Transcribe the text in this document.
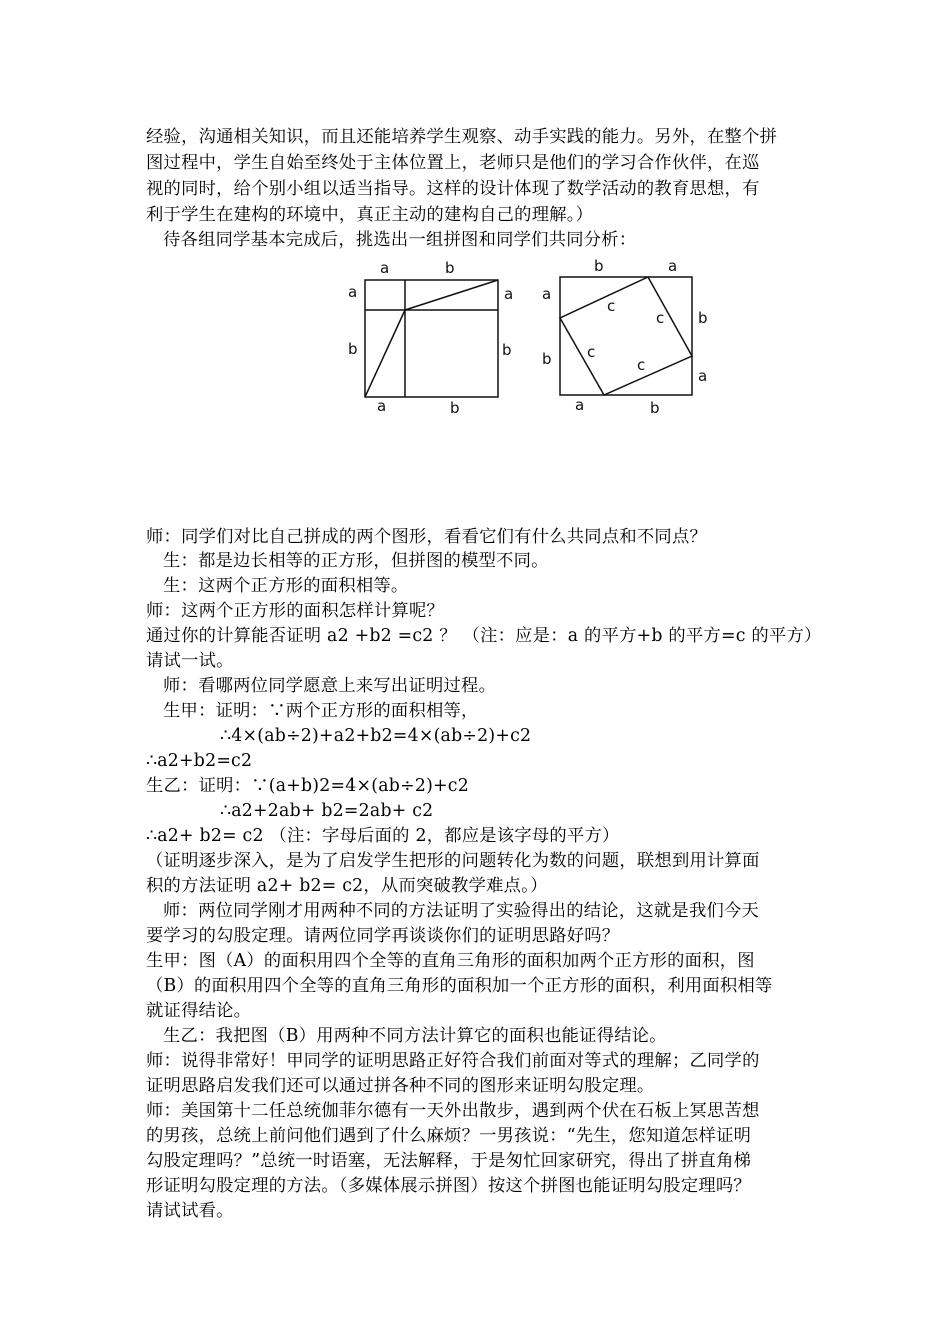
经验，沟通相关知识，而且还能培养学生观察、动手实践的能力。另外，在整个拼
图过程中，学生自始至终处于主体位置上，老师只是他们的学习合作伙伴，在巡
视的同时，给个别小组以适当指导。这样的设计体现了数学活动的教育思想，有
利于学生在建构的环境中，真正主动的建构自己的理解。）
待各组同学基本完成后，挑选出一组拼图和同学们共同分析：
a	b
a
b
a
b
a	b
b	a
a
b
b
a
a	b
c
c
c
c
师：同学们对比自己拼成的两个图形，看看它们有什么共同点和不同点？
生：都是边长相等的正方形，但拼图的模型不同。
生：这两个正方形的面积相等。
师：这两个正方形的面积怎样计算呢？
通过你的计算能否证明 a2 +b2 =c2 ？ （注：应是：a 的平方+b 的平方=c 的平方）
请试一试。
师：看哪两位同学愿意上来写出证明过程。
生甲：证明：∵两个正方形的面积相等，
∴4×(ab÷2)+a2+b2=4×(ab÷2)+c2
∴a2+b2=c2
生乙：证明：∵(a+b)2=4×(ab÷2)+c2
∴a2+2ab+ b2=2ab+ c2
∴a2+ b2= c2 （注：字母后面的 2，都应是该字母的平方）
（证明逐步深入，是为了启发学生把形的问题转化为数的问题，联想到用计算面
积的方法证明 a2+ b2= c2，从而突破教学难点。）
师：两位同学刚才用两种不同的方法证明了实验得出的结论，这就是我们今天
要学习的勾股定理。请两位同学再谈谈你们的证明思路好吗？
生甲：图（A）的面积用四个全等的直角三角形的面积加两个正方形的面积，图
（B）的面积用四个全等的直角三角形的面积加一个正方形的面积，利用面积相等
就证得结论。
生乙：我把图（B）用两种不同方法计算它的面积也能证得结论。
师：说得非常好！甲同学的证明思路正好符合我们前面对等式的理解；乙同学的
证明思路启发我们还可以通过拼各种不同的图形来证明勾股定理。
师：美国第十二任总统伽菲尔德有一天外出散步，遇到两个伏在石板上冥思苦想
的男孩，总统上前问他们遇到了什么麻烦？一男孩说：“先生，您知道怎样证明
勾股定理吗？”总统一时语塞，无法解释，于是匆忙回家研究，得出了拼直角梯
形证明勾股定理的方法。（多媒体展示拼图）按这个拼图也能证明勾股定理吗？
请试试看。
